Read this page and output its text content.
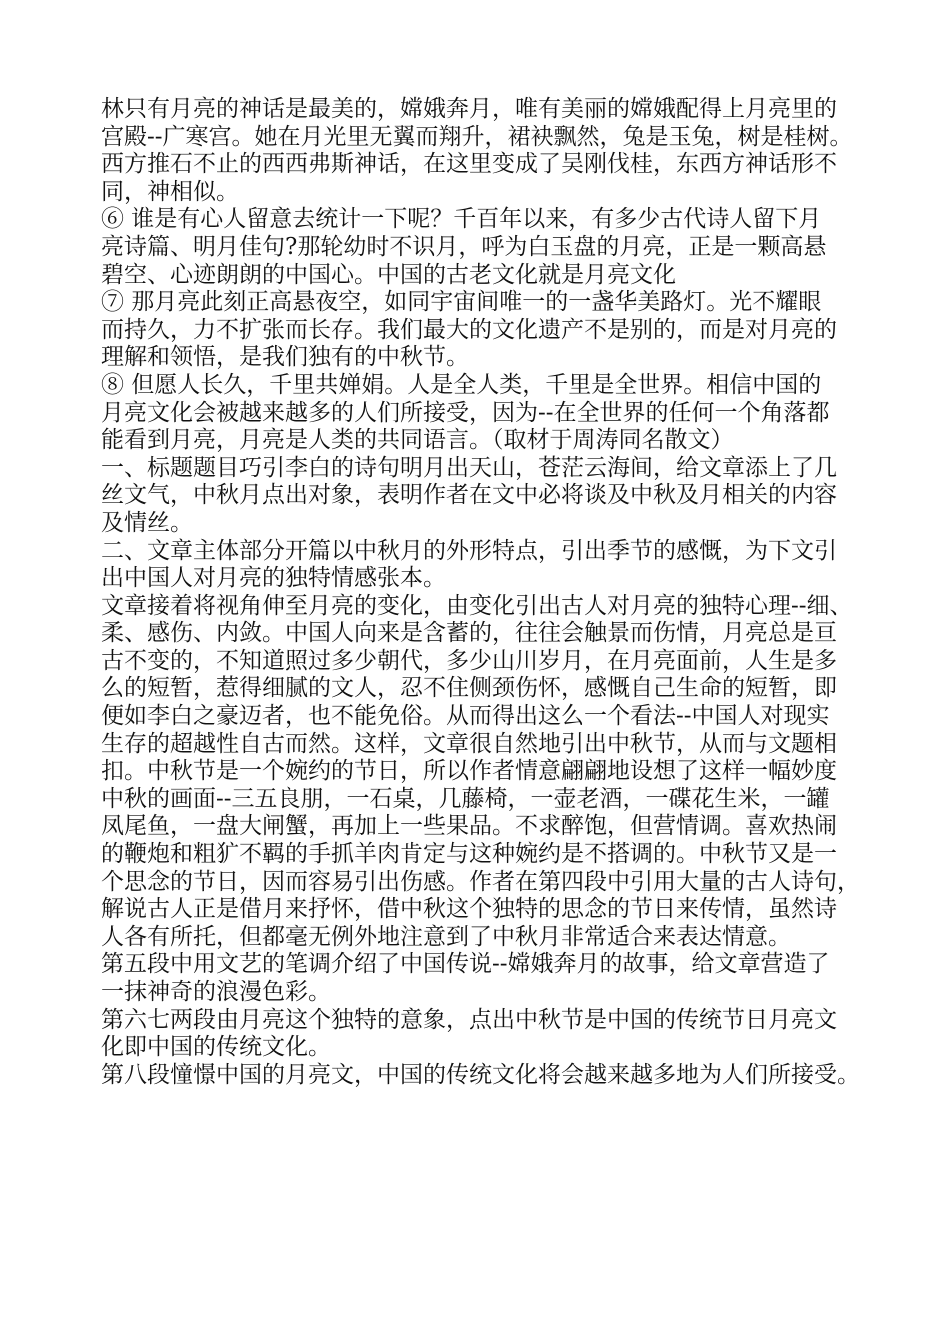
林只有月亮的神话是最美的，嫦娥奔月，唯有美丽的嫦娥配得上月亮里的
宫殿--广寒宫。她在月光里无翼而翔升，裙袂飘然，兔是玉兔，树是桂树。
西方推石不止的西西弗斯神话，在这里变成了吴刚伐桂，东西方神话形不
同，神相似。

⑥ 谁是有心人留意去统计一下呢？千百年以来，有多少古代诗人留下月
亮诗篇、明月佳句?那轮幼时不识月，呼为白玉盘的月亮，正是一颗高悬
碧空、心迹朗朗的中国心。中国的古老文化就是月亮文化

⑦ 那月亮此刻正高悬夜空，如同宇宙间唯一的一盏华美路灯。光不耀眼
而持久，力不扩张而长存。我们最大的文化遗产不是别的，而是对月亮的
理解和领悟，是我们独有的中秋节。

⑧ 但愿人长久，千里共婵娟。人是全人类，千里是全世界。相信中国的
月亮文化会被越来越多的人们所接受，因为--在全世界的任何一个角落都
能看到月亮，月亮是人类的共同语言。（取材于周涛同名散文）

一、标题题目巧引李白的诗句明月出天山，苍茫云海间，给文章添上了几
丝文气，中秋月点出对象，表明作者在文中必将谈及中秋及月相关的内容
及情丝。

二、文章主体部分开篇以中秋月的外形特点，引出季节的感慨，为下文引
出中国人对月亮的独特情感张本。

文章接着将视角伸至月亮的变化，由变化引出古人对月亮的独特心理--细、
柔、感伤、内敛。中国人向来是含蓄的，往往会触景而伤情，月亮总是亘
古不变的，不知道照过多少朝代，多少山川岁月，在月亮面前，人生是多
么的短暂，惹得细腻的文人，忍不住侧颈伤怀，感慨自己生命的短暂，即
便如李白之豪迈者，也不能免俗。从而得出这么一个看法--中国人对现实
生存的超越性自古而然。这样，文章很自然地引出中秋节，从而与文题相
扣。中秋节是一个婉约的节日，所以作者情意翩翩地设想了这样一幅妙度
中秋的画面--三五良朋，一石桌，几藤椅，一壶老酒，一碟花生米，一罐
凤尾鱼，一盘大闸蟹，再加上一些果品。不求醉饱，但营情调。喜欢热闹
的鞭炮和粗犷不羁的手抓羊肉肯定与这种婉约是不搭调的。中秋节又是一
个思念的节日，因而容易引出伤感。作者在第四段中引用大量的古人诗句，
解说古人正是借月来抒怀，借中秋这个独特的思念的节日来传情，虽然诗
人各有所托，但都毫无例外地注意到了中秋月非常适合来表达情意。

第五段中用文艺的笔调介绍了中国传说--嫦娥奔月的故事，给文章营造了
一抹神奇的浪漫色彩。

第六七两段由月亮这个独特的意象，点出中秋节是中国的传统节日月亮文
化即中国的传统文化。

第八段憧憬中国的月亮文，中国的传统文化将会越来越多地为人们所接受。
